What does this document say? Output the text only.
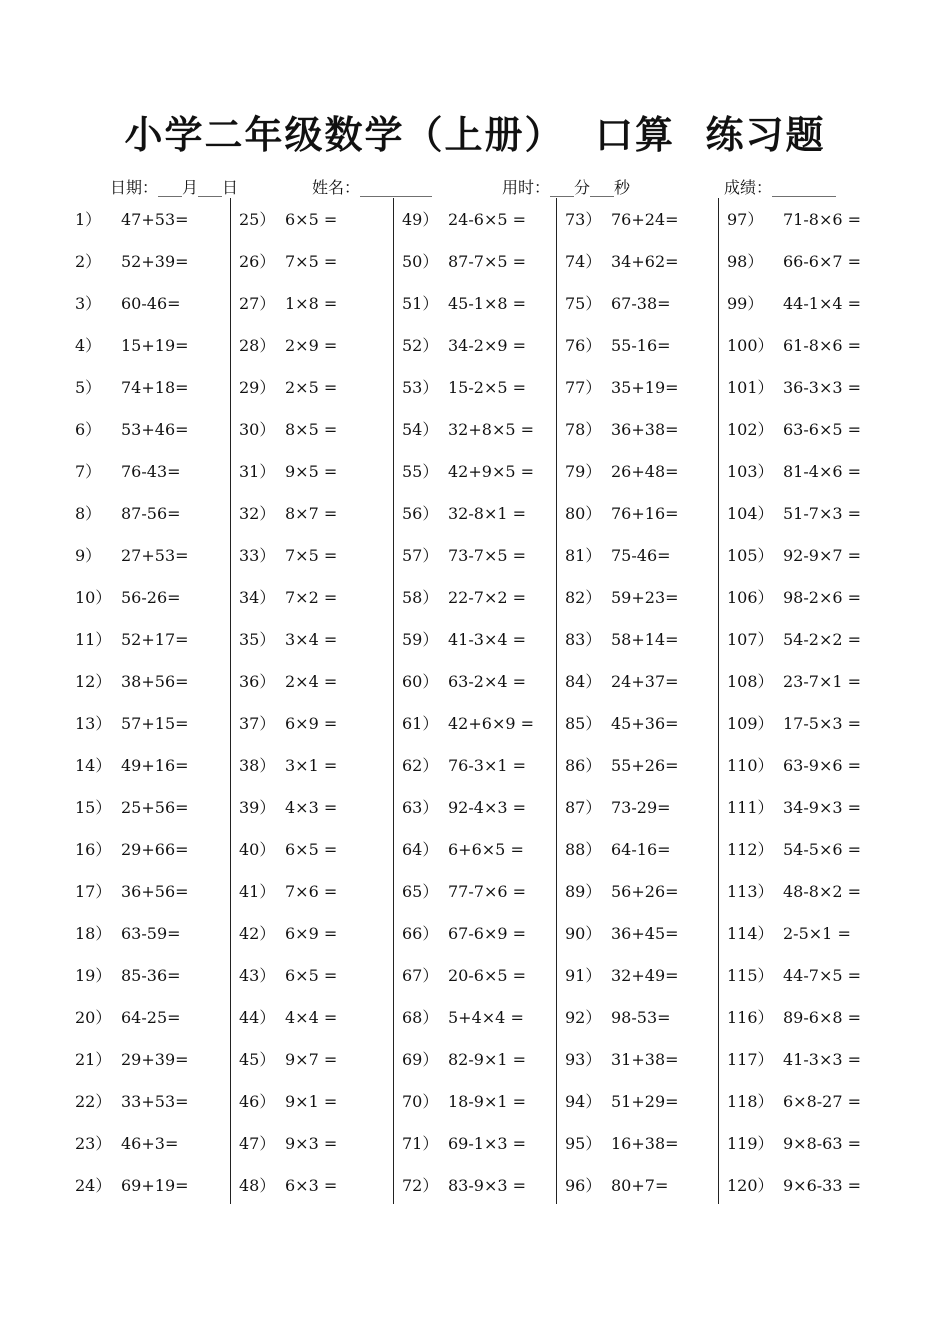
小学二年级数学（上册）  口算  练习题
日期：___月___日	姓名：_________	用时：___分___秒	成绩：________
1） 47+53=
2） 52+39=
3） 60-46=
4） 15+19=
5） 74+18=
6） 53+46=
7） 76-43=
8） 87-56=
9） 27+53=
10） 56-26=
11） 52+17=
12） 38+56=
13） 57+15=
14） 49+16=
15） 25+56=
16） 29+66=
17） 36+56=
18） 63-59=
19） 85-36=
20） 64-25=
21） 29+39=
22） 33+53=
23） 46+3=
24） 69+19=
25） 6×5 =
26） 7×5 =
27） 1×8 =
28） 2×9 =
29） 2×5 =
30） 8×5 =
31） 9×5 =
32） 8×7 =
33） 7×5 =
34） 7×2 =
35） 3×4 =
36） 2×4 =
37） 6×9 =
38） 3×1 =
39） 4×3 =
40） 6×5 =
41） 7×6 =
42） 6×9 =
43） 6×5 =
44） 4×4 =
45） 9×7 =
46） 9×1 =
47） 9×3 =
48） 6×3 =
49） 24-6×5 =
50） 87-7×5 =
51） 45-1×8 =
52） 34-2×9 =
53） 15-2×5 =
54） 32+8×5 =
55） 42+9×5 =
56） 32-8×1 =
57） 73-7×5 =
58） 22-7×2 =
59） 41-3×4 =
60） 63-2×4 =
61） 42+6×9 =
62） 76-3×1 =
63） 92-4×3 =
64） 6+6×5 =
65） 77-7×6 =
66） 67-6×9 =
67） 20-6×5 =
68） 5+4×4 =
69） 82-9×1 =
70） 18-9×1 =
71） 69-1×3 =
72） 83-9×3 =
73） 76+24=
74） 34+62=
75） 67-38=
76） 55-16=
77） 35+19=
78） 36+38=
79） 26+48=
80） 76+16=
81） 75-46=
82） 59+23=
83） 58+14=
84） 24+37=
85） 45+36=
86） 55+26=
87） 73-29=
88） 64-16=
89） 56+26=
90） 36+45=
91） 32+49=
92） 98-53=
93） 31+38=
94） 51+29=
95） 16+38=
96） 80+7=
97） 71-8×6 =
98） 66-6×7 =
99） 44-1×4 =
100） 61-8×6 =
101） 36-3×3 =
102） 63-6×5 =
103） 81-4×6 =
104） 51-7×3 =
105） 92-9×7 =
106） 98-2×6 =
107） 54-2×2 =
108） 23-7×1 =
109） 17-5×3 =
110） 63-9×6 =
111） 34-9×3 =
112） 54-5×6 =
113） 48-8×2 =
114） 2-5×1 =
115） 44-7×5 =
116） 89-6×8 =
117） 41-3×3 =
118） 6×8-27 =
119） 9×8-63 =
120） 9×6-33 =
